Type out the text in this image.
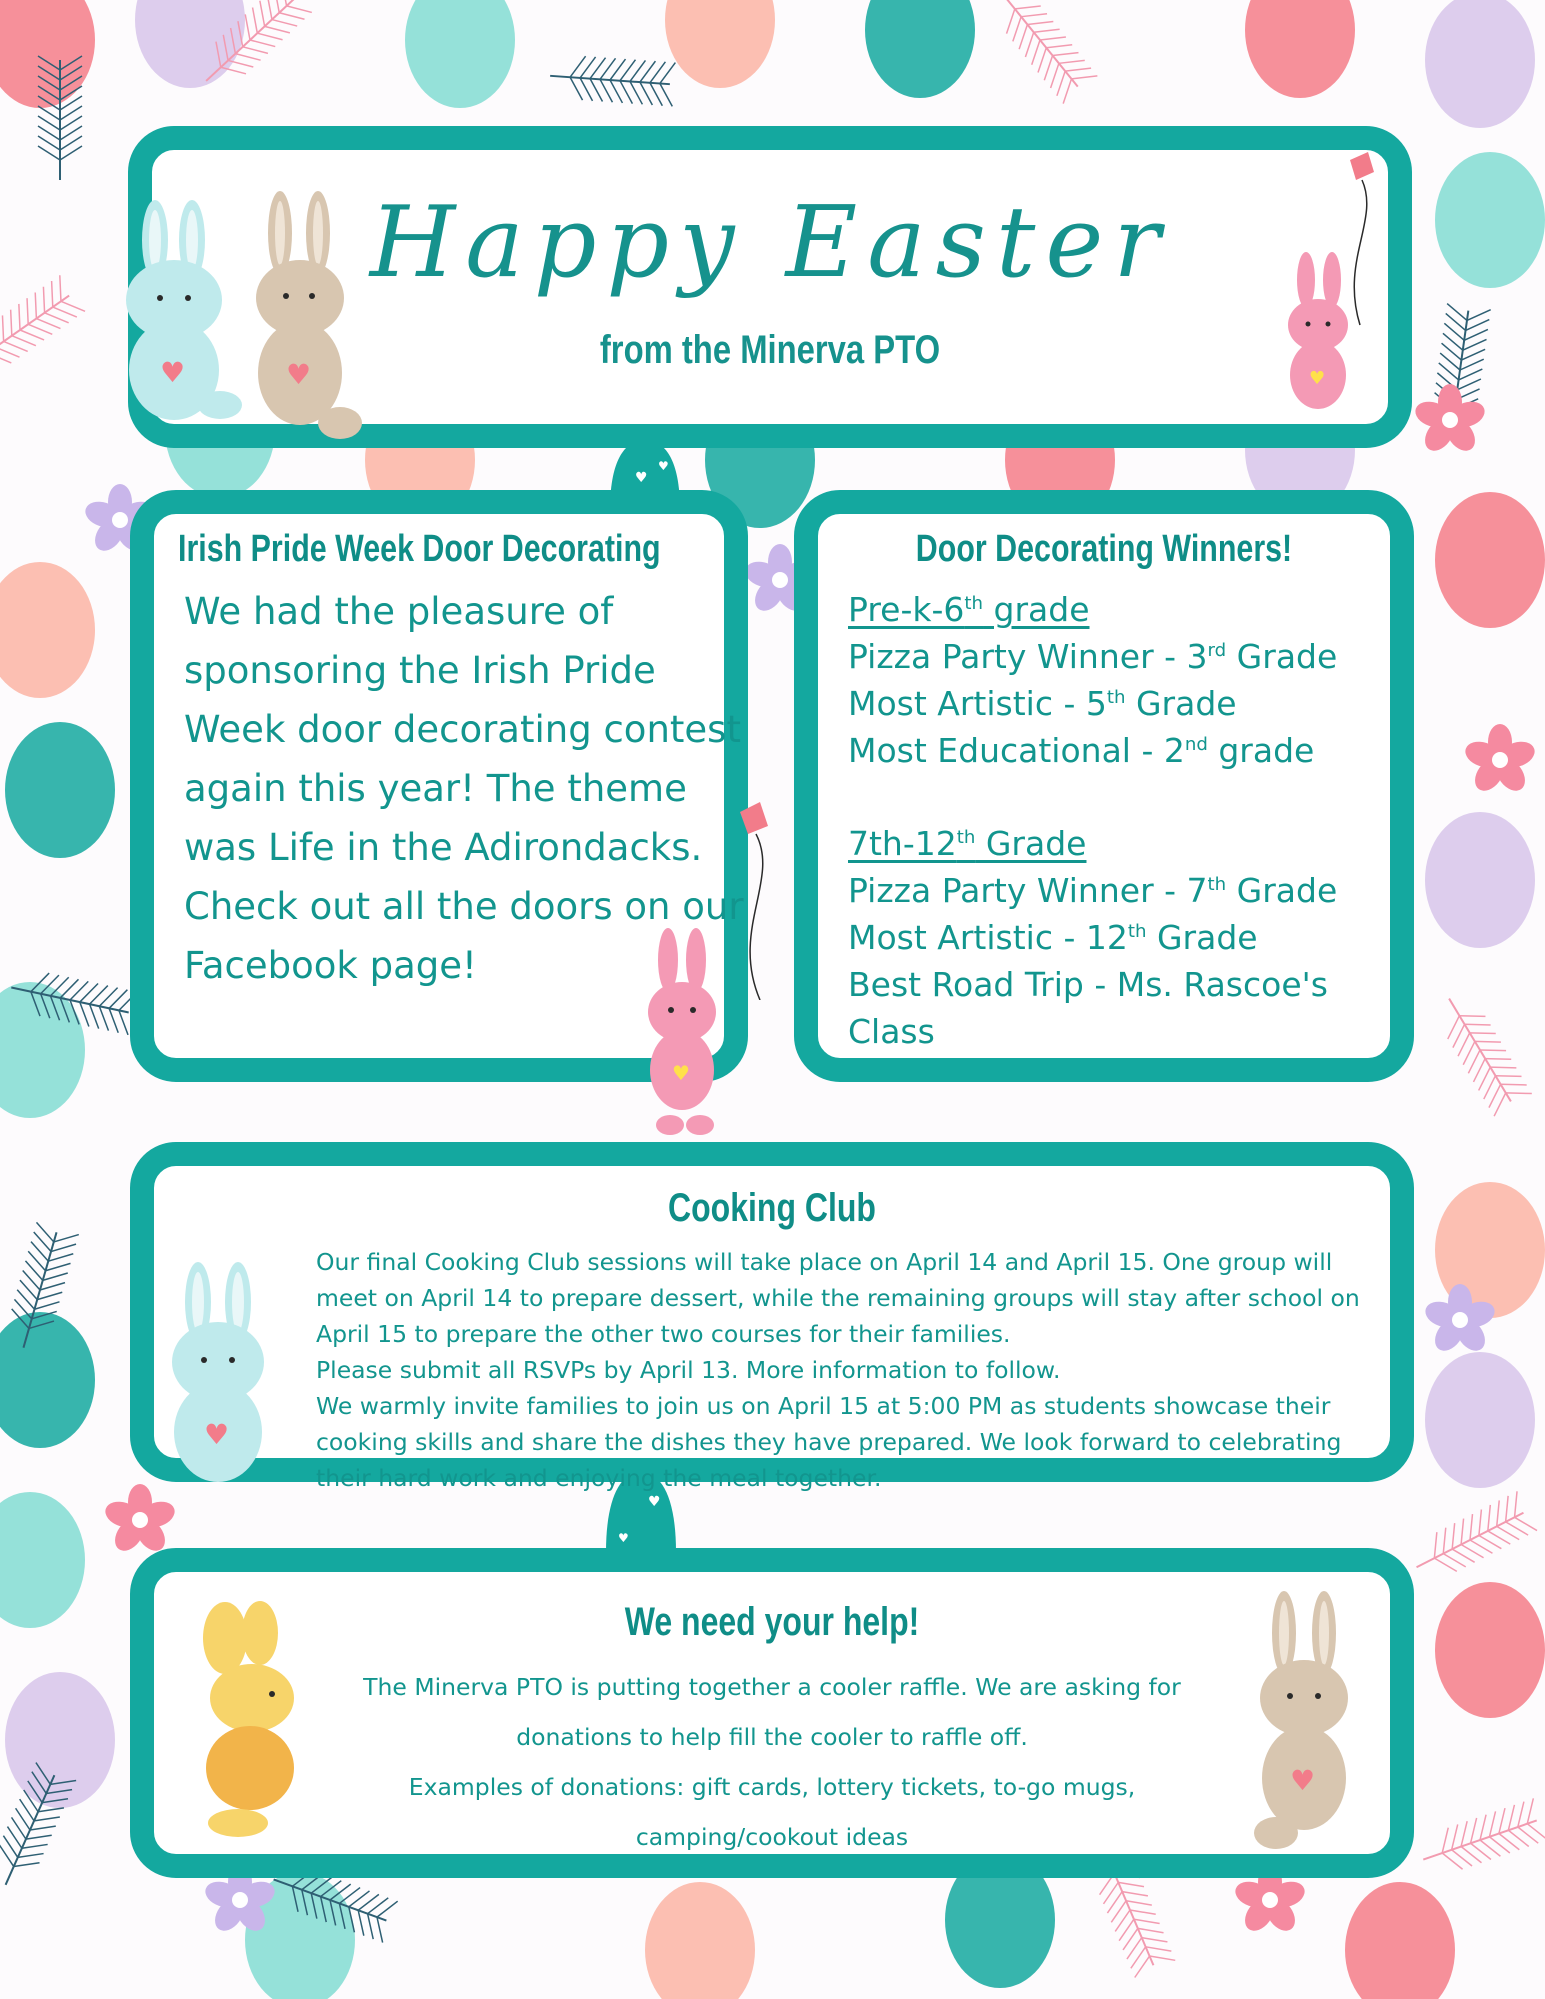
♥
♥
♥
♥
Happy Easter
from the Minerva PTO
Irish Pride Week Door Decorating
We had the pleasure of sponsoring the Irish Pride Week door decorating contest again this year! The theme was Life in the Adirondacks. Check out all the doors on our Facebook page!
Door Decorating Winners!
Pre-k-6th grade
Pizza Party Winner - 3rd Grade
Most Artistic - 5th Grade
Most Educational - 2nd grade
7th-12th Grade
Pizza Party Winner - 7th Grade
Most Artistic - 12th Grade
Best Road Trip - Ms. Rascoe's Class
Cooking Club
Our final Cooking Club sessions will take place on April 14 and April 15. One group will meet on April 14 to prepare dessert, while the remaining groups will stay after school on April 15 to prepare the other two courses for their families.
Please submit all RSVPs by April 13. More information to follow.
We warmly invite families to join us on April 15 at 5:00 PM as students showcase their cooking skills and share the dishes they have prepared. We look forward to celebrating their hard work and enjoying the meal together.
We need your help!
The Minerva PTO is putting together a cooler raffle. We are asking for donations to help fill the cooler to raffle off.
Examples of donations: gift cards, lottery tickets, to-go mugs, camping/cookout ideas
♥	♥	♥
♥
♥
♥
